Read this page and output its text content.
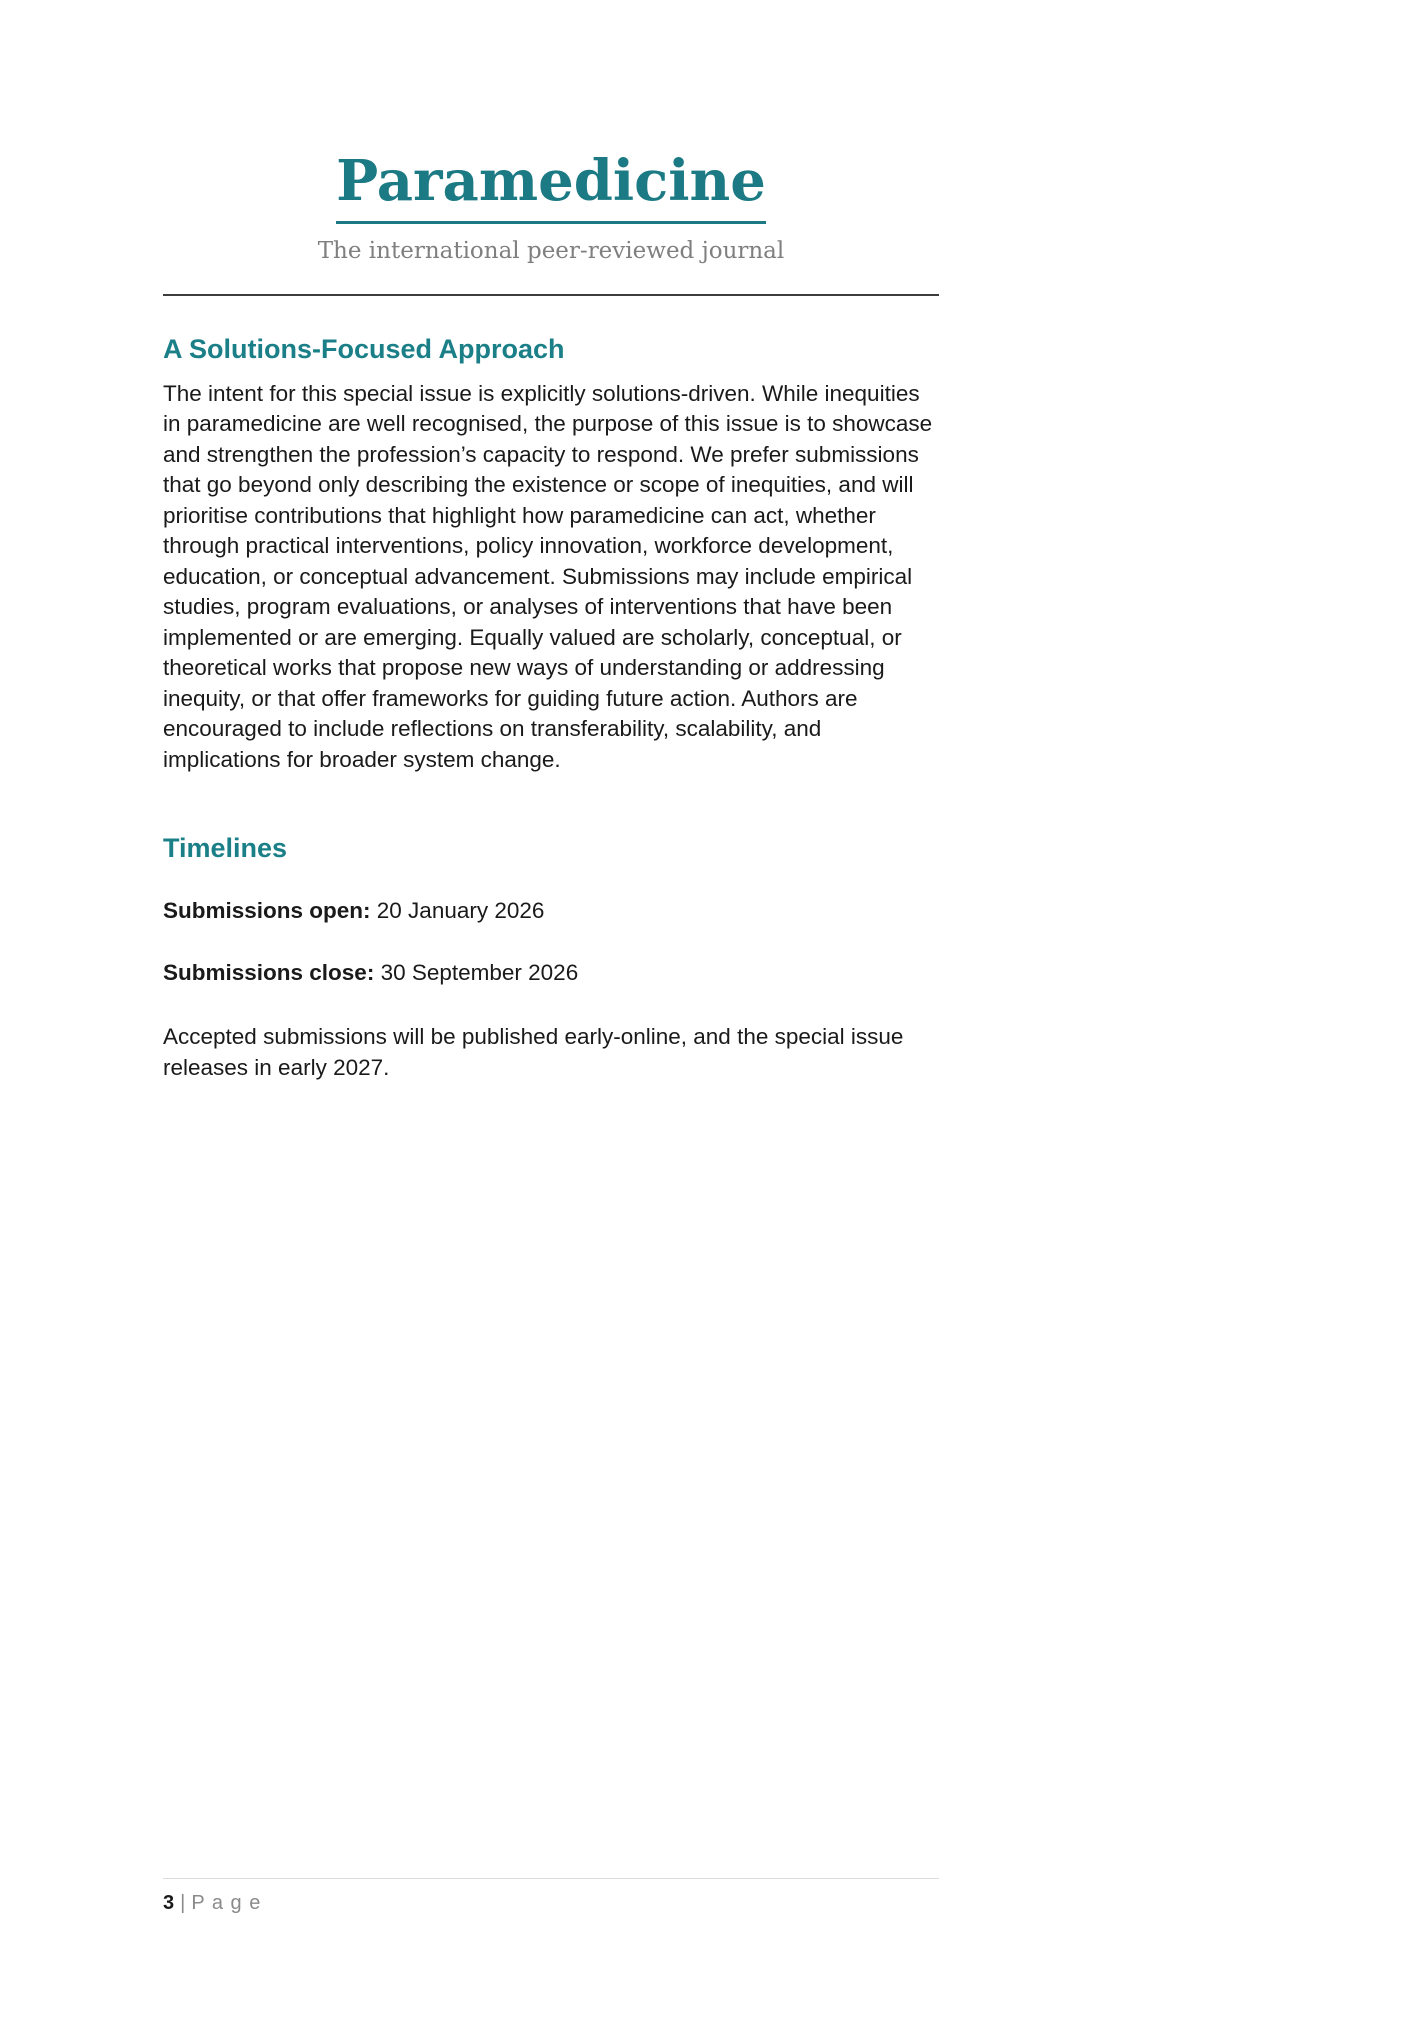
Paramedicine
The international peer-reviewed journal
A Solutions-Focused Approach

The intent for this special issue is explicitly solutions-driven. While inequities in paramedicine are well recognised, the purpose of this issue is to showcase and strengthen the profession’s capacity to respond. We prefer submissions that go beyond only describing the existence or scope of inequities, and will prioritise contributions that highlight how paramedicine can act, whether through practical interventions, policy innovation, workforce development, education, or conceptual advancement. Submissions may include empirical studies, program evaluations, or analyses of interventions that have been implemented or are emerging. Equally valued are scholarly, conceptual, or theoretical works that propose new ways of understanding or addressing inequity, or that offer frameworks for guiding future action. Authors are encouraged to include reflections on transferability, scalability, and implications for broader system change.

Timelines

Submissions open: 20 January 2026

Submissions close: 30 September 2026

Accepted submissions will be published early-online, and the special issue releases in early 2027.

3 | P a g e
